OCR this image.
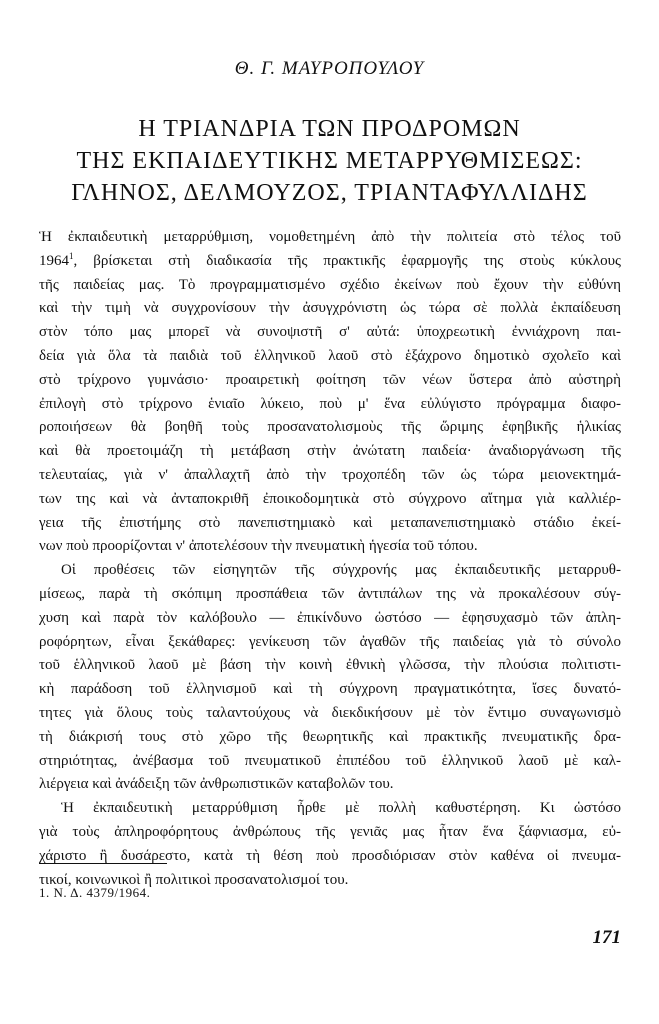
Θ. Γ. ΜΑΥΡΟΠΟΥΛΟΥ
Η ΤΡΙΑΝΔΡΙΑ ΤΩΝ ΠΡΟΔΡΟΜΩΝ
ΤΗΣ ΕΚΠΑΙΔΕΥΤΙΚΗΣ ΜΕΤΑΡΡΥΘΜΙΣΕΩΣ:
ΓΛΗΝΟΣ, ΔΕΛΜΟΥΖΟΣ, ΤΡΙΑΝΤΑΦΥΛΛΙΔΗΣ
Ἡ ἐκπαιδευτικὴ μεταρρύθμιση, νομοθετημένη ἀπὸ τὴν πολιτεία στὸ τέλος τοῦ
1964$^1$, βρίσκεται στὴ διαδικασία τῆς πρακτικῆς ἐφαρμογῆς της στοὺς κύκλους
τῆς παιδείας μας. Τὸ προγραμματισμένο σχέδιο ἐκείνων ποὺ ἔχουν τὴν εὐθύνη
καὶ τὴν τιμὴ νὰ συγχρονίσουν τὴν ἀσυγχρόνιστη ὡς τώρα σὲ πολλὰ ἐκπαίδευση
στὸν τόπο μας μπορεῖ νὰ συνοψιστῆ σ' αὐτά: ὑποχρεωτικὴ ἐννιάχρονη παι-
δεία γιὰ ὅλα τὰ παιδιὰ τοῦ ἑλληνικοῦ λαοῦ στὸ ἑξάχρονο δημοτικὸ σχολεῖο καὶ
στὸ τρίχρονο γυμνάσιο· προαιρετικὴ φοίτηση τῶν νέων ὕστερα ἀπὸ αὐστηρὴ
ἐπιλογὴ στὸ τρίχρονο ἑνιαῖο λύκειο, ποὺ μ' ἕνα εὐλύγιστο πρόγραμμα διαφο-
ροποιήσεων θὰ βοηθῆ τοὺς προσανατολισμοὺς τῆς ὥριμης ἐφηβικῆς ἡλικίας
καὶ θὰ προετοιμάζη τὴ μετάβαση στὴν ἀνώτατη παιδεία· ἀναδιοργάνωση τῆς
τελευταίας, γιὰ ν' ἀπαλλαχτῆ ἀπὸ τὴν τροχοπέδη τῶν ὡς τώρα μειονεκτημά-
των της καὶ νὰ ἀνταποκριθῆ ἐποικοδομητικὰ στὸ σύγχρονο αἴτημα γιὰ καλλιέρ-
γεια τῆς ἐπιστήμης στὸ πανεπιστημιακὸ καὶ μεταπανεπιστημιακὸ στάδιο ἐκεί-
νων ποὺ προορίζονται ν' ἀποτελέσουν τὴν πνευματικὴ ἡγεσία τοῦ τόπου.
Οἱ προθέσεις τῶν εἰσηγητῶν τῆς σύγχρονής μας ἐκπαιδευτικῆς μεταρρυθ-
μίσεως, παρὰ τὴ σκόπιμη προσπάθεια τῶν ἀντιπάλων της νὰ προκαλέσουν σύγ-
χυση καὶ παρὰ τὸν καλόβουλο — ἐπικίνδυνο ὡστόσο — ἐφησυχασμὸ τῶν ἀπλη-
ροφόρητων, εἶναι ξεκάθαρες: γενίκευση τῶν ἀγαθῶν τῆς παιδείας γιὰ τὸ σύνολο
τοῦ ἑλληνικοῦ λαοῦ μὲ βάση τὴν κοινὴ ἐθνικὴ γλῶσσα, τὴν πλούσια πολιτιστι-
κὴ παράδοση τοῦ ἑλληνισμοῦ καὶ τὴ σύγχρονη πραγματικότητα, ἴσες δυνατό-
τητες γιὰ ὅλους τοὺς ταλαντούχους νὰ διεκδικήσουν μὲ τὸν ἔντιμο συναγωνισμὸ
τὴ διάκρισή τους στὸ χῶρο τῆς θεωρητικῆς καὶ πρακτικῆς πνευματικῆς δρα-
στηριότητας, ἀνέβασμα τοῦ πνευματικοῦ ἐπιπέδου τοῦ ἑλληνικοῦ λαοῦ μὲ καλ-
λιέργεια καὶ ἀνάδειξη τῶν ἀνθρωπιστικῶν καταβολῶν του.
Ἡ ἐκπαιδευτικὴ μεταρρύθμιση ἦρθε μὲ πολλὴ καθυστέρηση. Κι ὡστόσο
γιὰ τοὺς ἀπληροφόρητους ἀνθρώπους τῆς γενιᾶς μας ἦταν ἕνα ξάφνιασμα, εὐ-
χάριστο ἢ δυσάρεστο, κατὰ τὴ θέση ποὺ προσδιόρισαν στὸν καθένα οἱ πνευμα-
τικοί, κοινωνικοὶ ἢ πολιτικοὶ προσανατολισμοί του.
1. Ν. Δ. 4379/1964.
171
